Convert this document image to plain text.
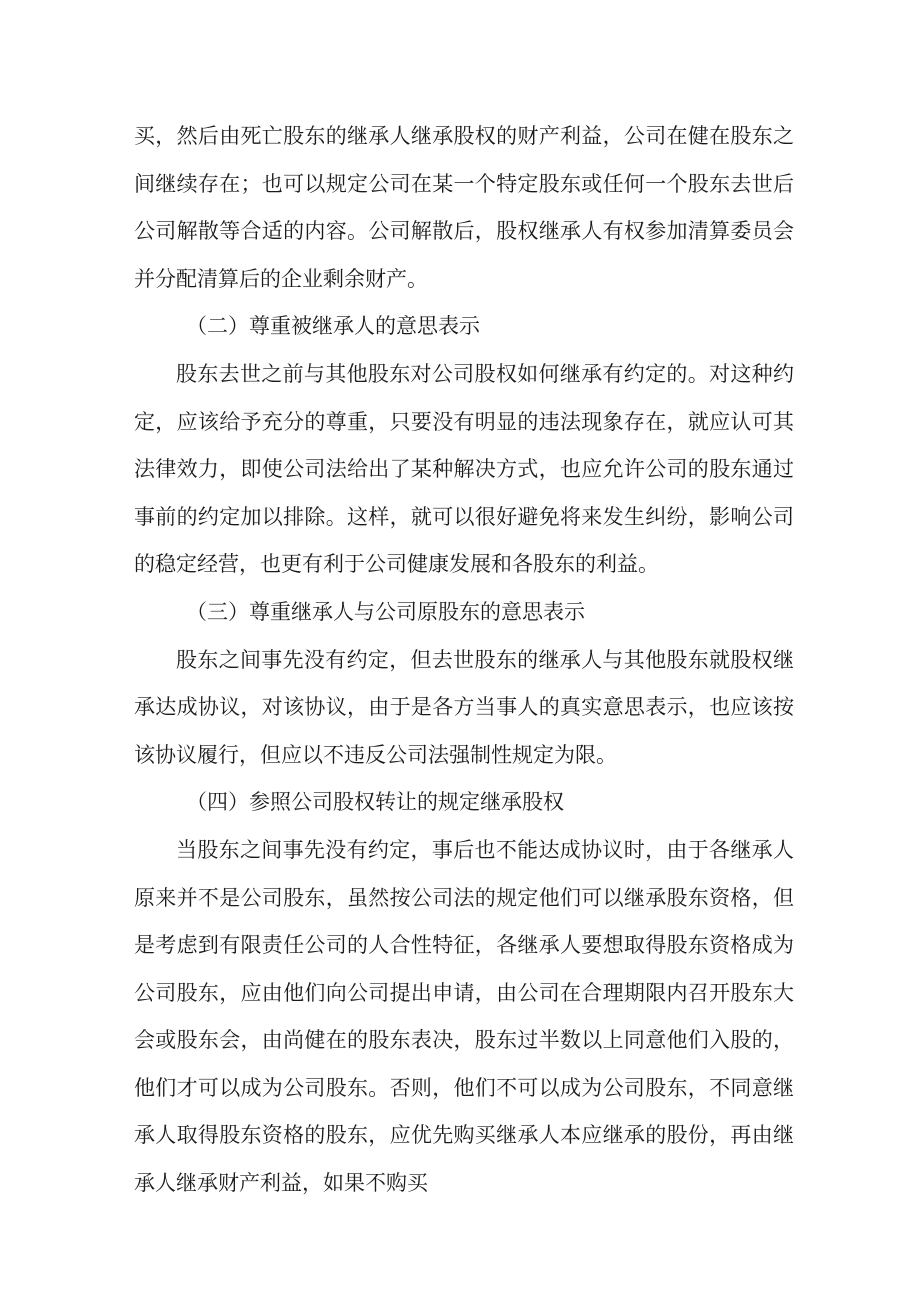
买，然后由死亡股东的继承人继承股权的财产利益，公司在健在股东之间继续存在；也可以规定公司在某一个特定股东或任何一个股东去世后公司解散等合适的内容。公司解散后，股权继承人有权参加清算委员会并分配清算后的企业剩余财产。

（二）尊重被继承人的意思表示

股东去世之前与其他股东对公司股权如何继承有约定的。对这种约定，应该给予充分的尊重，只要没有明显的违法现象存在，就应认可其法律效力，即使公司法给出了某种解决方式，也应允许公司的股东通过事前的约定加以排除。这样，就可以很好避免将来发生纠纷，影响公司的稳定经营，也更有利于公司健康发展和各股东的利益。

（三）尊重继承人与公司原股东的意思表示

股东之间事先没有约定，但去世股东的继承人与其他股东就股权继承达成协议，对该协议，由于是各方当事人的真实意思表示，也应该按该协议履行，但应以不违反公司法强制性规定为限。

（四）参照公司股权转让的规定继承股权

当股东之间事先没有约定，事后也不能达成协议时，由于各继承人原来并不是公司股东，虽然按公司法的规定他们可以继承股东资格，但是考虑到有限责任公司的人合性特征，各继承人要想取得股东资格成为公司股东，应由他们向公司提出申请，由公司在合理期限内召开股东大会或股东会，由尚健在的股东表决，股东过半数以上同意他们入股的，他们才可以成为公司股东。否则，他们不可以成为公司股东，不同意继承人取得股东资格的股东，应优先购买继承人本应继承的股份，再由继承人继承财产利益，如果不购买
